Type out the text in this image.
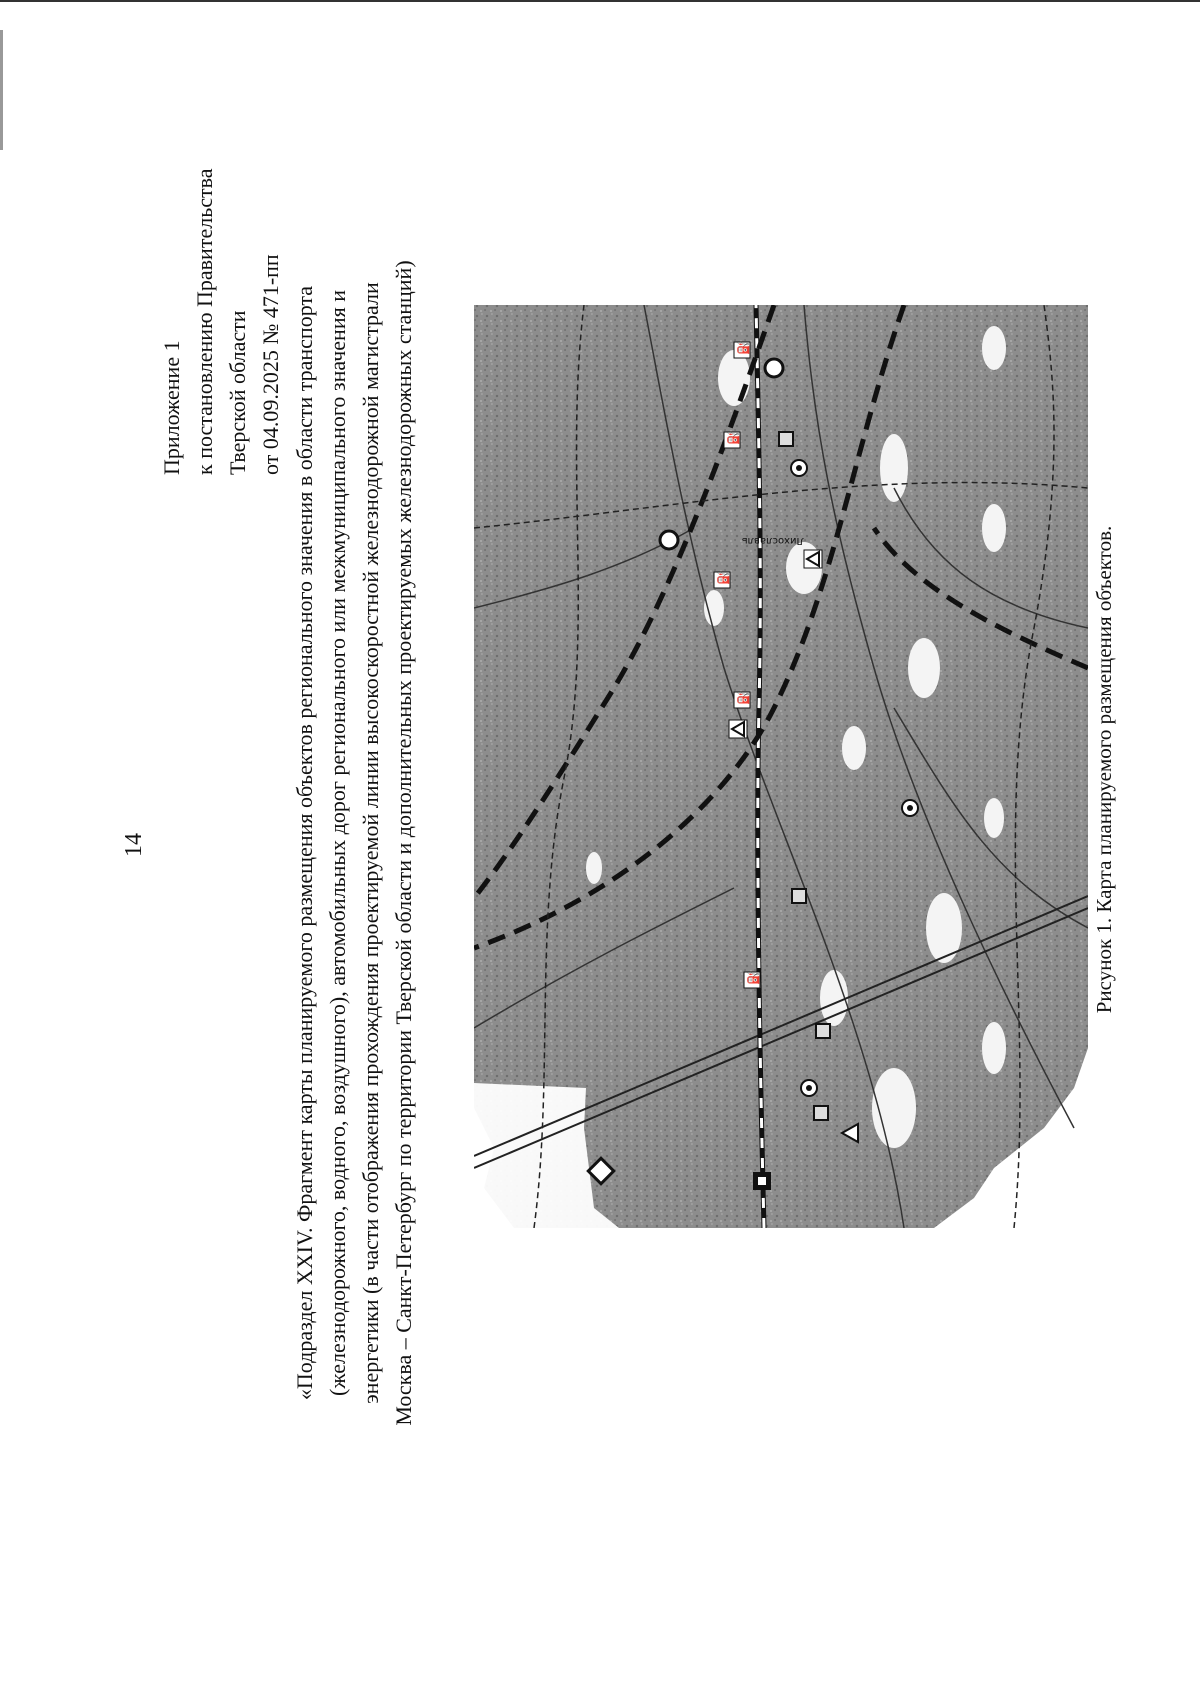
14
Приложение 1 к постановлению Правительства Тверской области от 04.09.2025 № 471-пп «Подраздел XXIV. Фрагмент карты планируемого размещения объектов регионального значения в области транспорта (железнодорожного, водного, воздушного), автомобильных дорог регионального или межмуниципального значения и энергетики (в части отображения прохождения проектируемой линии высокоскоростной железнодорожной магистрали Москва – Санкт-Петербург по территории Тверской области и дополнительных проектируемых железнодорожных станций)	⛽
⛽
⛽
⛽
⛽
Лихославль	Рисунок 1. Карта планируемого размещения объектов.
